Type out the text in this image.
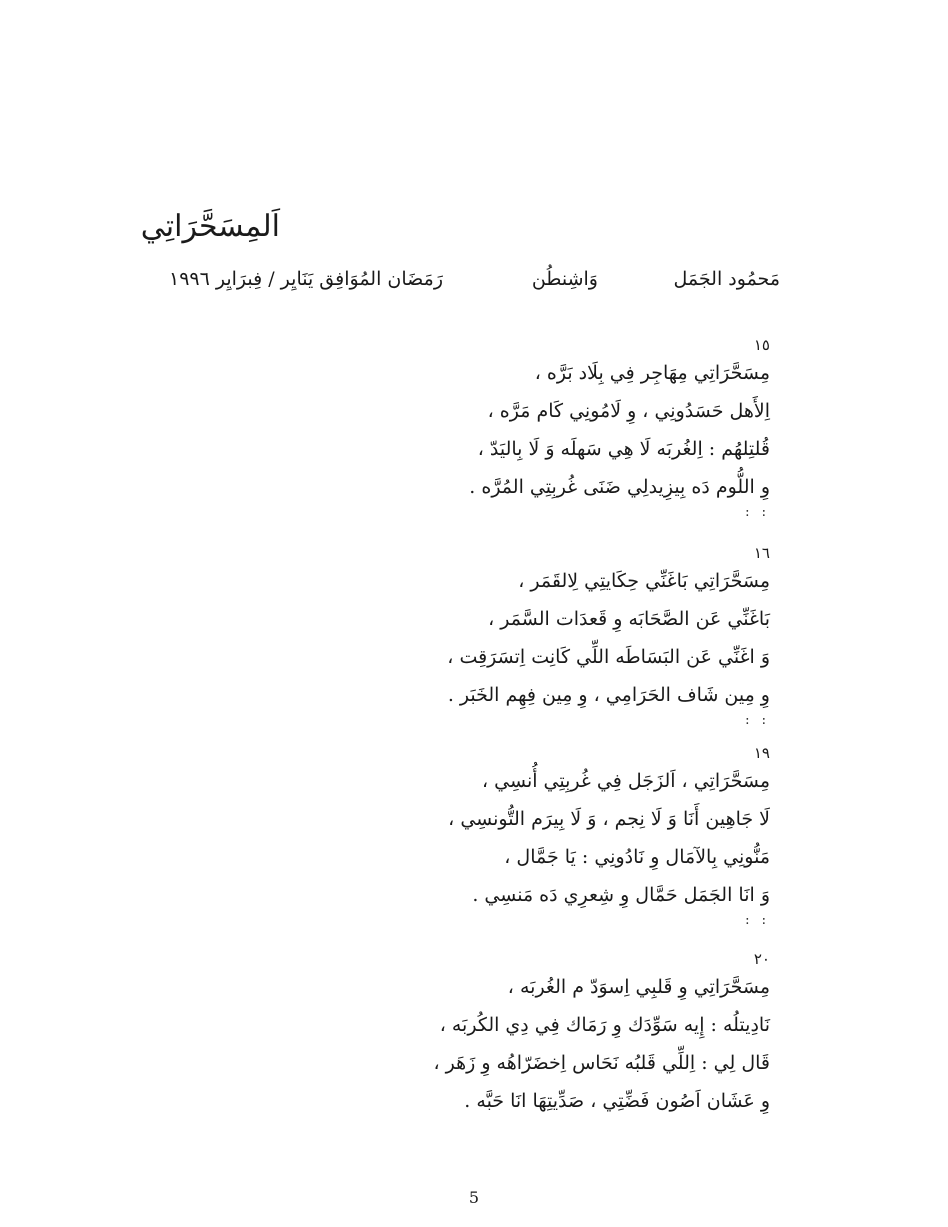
اَلمِسَحَّرَاتِي
مَحمُود الجَمَل
وَاشِنطُن
رَمَضَان المُوَافِق يَنَايِر / فِبرَايِر ١٩٩٦
١٥
مِسَحَّرَاتِي مِهَاجِر فِي بِلَاد بَرَّه ،
اِلأَهل حَسَدُونِي ، وِ لَامُونِي كَام مَرَّه ،
قُلتِلهُم : اِلغُربَه لَا هِي سَهلَه وَ لَا بِاليَدّ ،
وِ اللُّوم دَه بِيزِيدلِي ضَنَى غُربِتِي المُرَّه .
: :
١٦
مِسَحَّرَاتِي بَاغَنِّي حِكَايتِي لِالقَمَر ،
بَاغَنِّي عَن الصَّحَابَه وِ قَعدَات السَّمَر ،
وَ اغَنِّي عَن البَسَاطَه اللِّي كَانِت اِتسَرَقِت ،
وِ مِين شَاف الحَرَامِي ، وِ مِين فِهِم الخَبَر .
: :
١٩
مِسَحَّرَاتِي ، اَلزَجَل فِي غُربِتِي أُنسِي ،
لَا جَاهِين أَنَا وَ لَا نِجم ، وَ لَا بِيرَم التُّونسِي ،
مَنُّونِي بِالآمَال وِ نَادُونِي : يَا جَمَّال ،
وَ انَا الجَمَل حَمَّال وِ شِعرِي دَه مَنسِي .
: :
٢٠
مِسَحَّرَاتِي وِ قَلبِي اِسوَدّ م الغُربَه ،
نَادِيتلُه : إِيه سَوِّدَك وِ رَمَاك فِي دِي الكُربَه ،
قَال لِي : اِللِّي قَلبُه نَحَاس اِخضَرّاهُه وِ زَهَر ،
وِ عَشَان اَصُون فَضِّتِي ، صَدِّيتِهَا انَا حَبَّه .
5
